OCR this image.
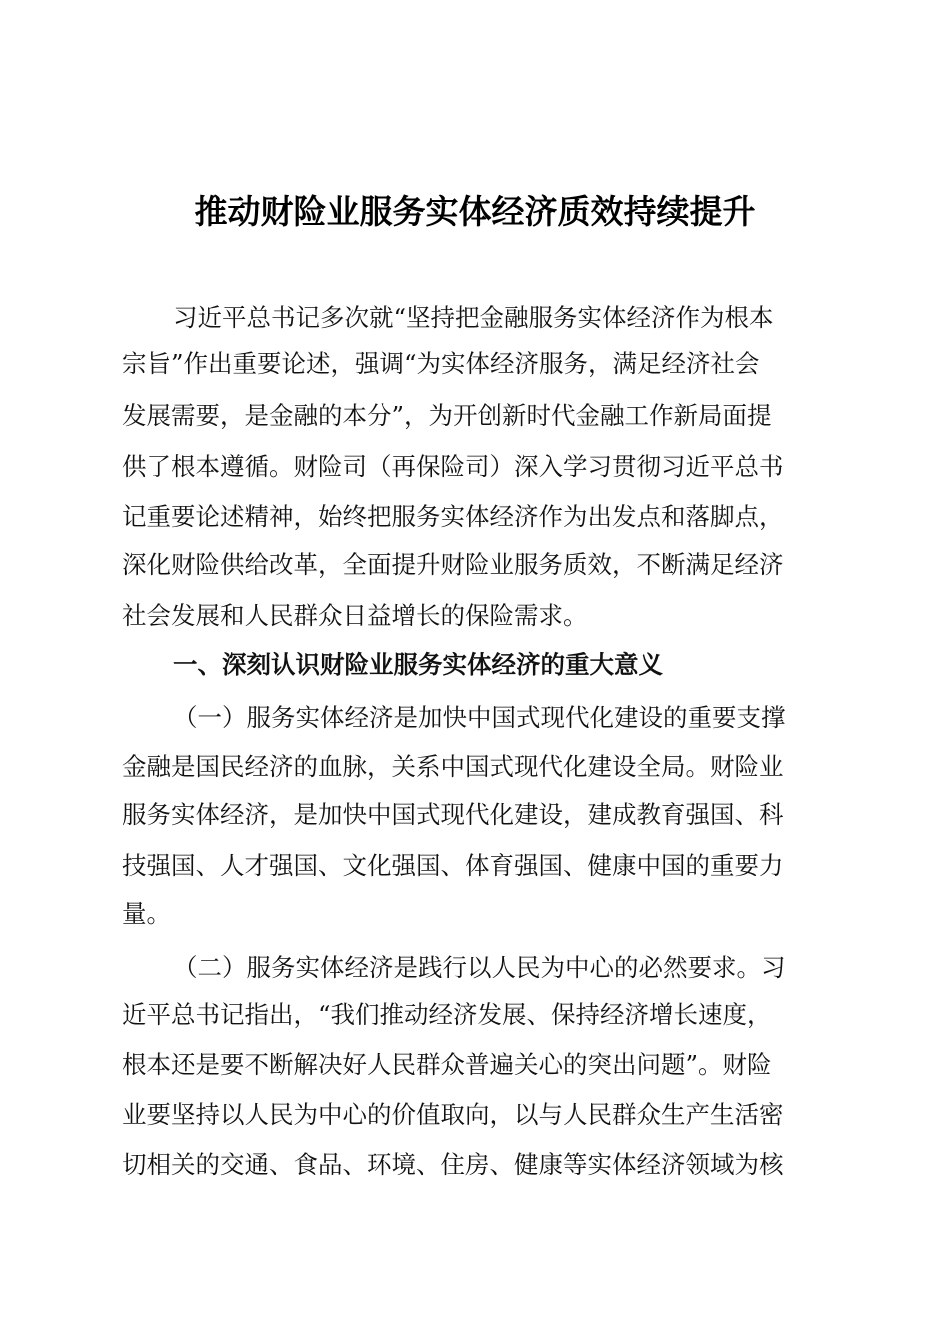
推动财险业服务实体经济质效持续提升
习近平总书记多次就“坚持把金融服务实体经济作为根本
宗旨”作出重要论述，强调“为实体经济服务，满足经济社会
发展需要，是金融的本分”，为开创新时代金融工作新局面提
供了根本遵循。财险司（再保险司）深入学习贯彻习近平总书
记重要论述精神，始终把服务实体经济作为出发点和落脚点，
深化财险供给改革，全面提升财险业服务质效，不断满足经济
社会发展和人民群众日益增长的保险需求。
一、深刻认识财险业服务实体经济的重大意义
（一）服务实体经济是加快中国式现代化建设的重要支撑
金融是国民经济的血脉，关系中国式现代化建设全局。财险业
服务实体经济，是加快中国式现代化建设，建成教育强国、科
技强国、人才强国、文化强国、体育强国、健康中国的重要力
量。
（二）服务实体经济是践行以人民为中心的必然要求。习
近平总书记指出，“我们推动经济发展、保持经济增长速度，
根本还是要不断解决好人民群众普遍关心的突出问题”。财险
业要坚持以人民为中心的价值取向，以与人民群众生产生活密
切相关的交通、食品、环境、住房、健康等实体经济领域为核
